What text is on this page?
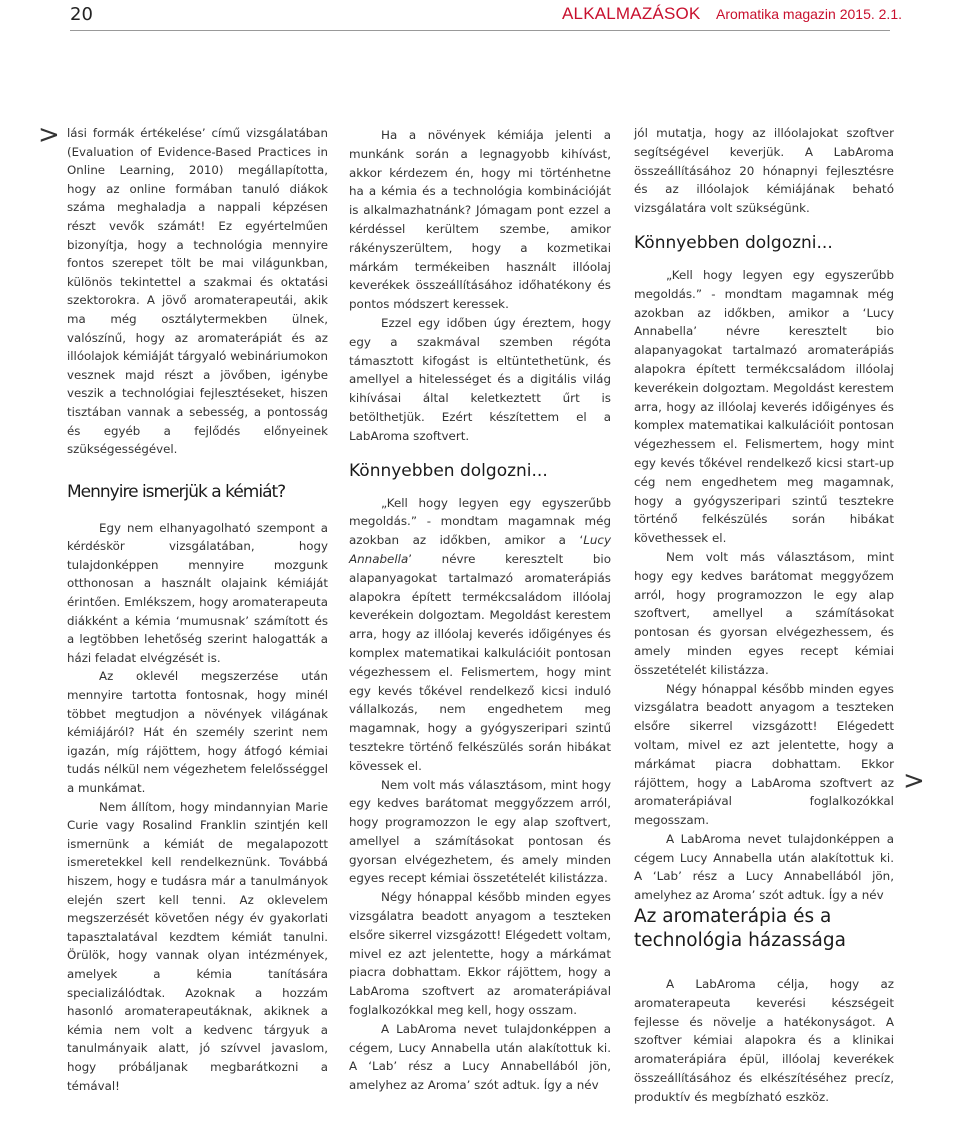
20	ALKALMAZÁSOK Aromatika magazin 2015. 2.1.
>
>

lási formák értékelése’ című vizsgálatában (Evaluation of Evidence-Based Practices in Online Learning, 2010) megállapította, hogy az online formában tanuló diákok száma meghaladja a nappali képzésen részt vevők számát! Ez egyértelműen bizonyítja, hogy a technológia mennyire fontos szerepet tölt be mai világunkban, különös tekintettel a szakmai és oktatási szektorokra. A jövő aromaterapeutái, akik ma még osztálytermekben ülnek, valószínű, hogy az aromaterápiát és az illóolajok kémiáját tárgyaló webináriumokon vesznek majd részt a jövőben, igénybe veszik a technológiai fejlesztéseket, hiszen tisztában vannak a sebesség, a pontosság és egyéb a fejlődés előnyeinek szükségességével.

Mennyire ismerjük a kémiát?

Egy nem elhanyagolható szempont a kérdéskör vizsgálatában, hogy tulajdonképpen mennyire mozgunk otthonosan a használt olajaink kémiáját érintően. Emlékszem, hogy aromaterapeuta diákként a kémia ‘mumusnak’ számított és a legtöbben lehetőség szerint halogatták a házi feladat elvégzését is.

Az oklevél megszerzése után mennyire tartotta fontosnak, hogy minél többet megtudjon a növények világának kémiájáról? Hát én személy szerint nem igazán, míg rájöttem, hogy átfogó kémiai tudás nélkül nem végezhetem felelősséggel a munkámat.

Nem állítom, hogy mindannyian Marie Curie vagy Rosalind Franklin szintjén kell ismernünk a kémiát de megalapozott ismeretekkel kell rendelkeznünk. Továbbá hiszem, hogy e tudásra már a tanulmányok elején szert kell tenni. Az oklevelem megszerzését követően négy év gyakorlati tapasztalatával kezdtem kémiát tanulni. Örülök, hogy vannak olyan intézmények, amelyek a kémia tanítására specializálódtak. Azoknak a hozzám hasonló aromaterapeutáknak, akiknek a kémia nem volt a kedvenc tárgyuk a tanulmányaik alatt, jó szívvel javaslom, hogy próbáljanak megbarátkozni a témával!

Ha a növények kémiája jelenti a munkánk során a legnagyobb kihívást, akkor kérdezem én, hogy mi történhetne ha a kémia és a technológia kombinációját is alkalmazhatnánk? Jómagam pont ezzel a kérdéssel kerültem szembe, amikor rákényszerültem, hogy a kozmetikai márkám termékeiben használt illóolaj keverékek összeállításához időhatékony és pontos módszert keressek.

Ezzel egy időben úgy éreztem, hogy egy a szakmával szemben régóta támasztott kifogást is eltüntethetünk, és amellyel a hitelességet és a digitális világ kihívásai által keletkeztett űrt is betölthetjük. Ezért készítettem el a LabAroma szoftvert.

Könnyebben dolgozni...

„Kell hogy legyen egy egyszerűbb megoldás.” - mondtam magamnak még azokban az időkben, amikor a ‘Lucy Annabella’ névre keresztelt bio alapanyagokat tartalmazó aromaterápiás alapokra épített termékcsaládom illóolaj keverékein dolgoztam. Megoldást kerestem arra, hogy az illóolaj keverés időigényes és komplex matematikai kalkulációit pontosan végezhessem el. Felismertem, hogy mint egy kevés tőkével rendelkező kicsi induló vállalkozás, nem engedhetem meg magamnak, hogy a gyógyszeripari szintű tesztekre történő felkészülés során hibákat kövessek el.

Nem volt más választásom, mint hogy egy kedves barátomat meggyőzzem arról, hogy programozzon le egy alap szoftvert, amellyel a számításokat pontosan és gyorsan elvégezhetem, és amely minden egyes recept kémiai összetételét kilistázza.

Négy hónappal később minden egyes vizsgálatra beadott anyagom a teszteken elsőre sikerrel vizsgázott! Elégedett voltam, mivel ez azt jelentette, hogy a márkámat piacra dobhattam. Ekkor rájöttem, hogy a LabAroma szoftvert az aromaterápiával foglalkozókkal meg kell, hogy osszam.

A LabAroma nevet tulajdonképpen a cégem, Lucy Annabella után alakítottuk ki. A ‘Lab’ rész a Lucy Annabellából jön, amelyhez az Aroma’ szót adtuk. Így a név

jól mutatja, hogy az illóolajokat szoftver segítségével keverjük. A LabAroma összeállításához 20 hónapnyi fejlesztésre és az illóolajok kémiájának beható vizsgálatára volt szükségünk.

Könnyebben dolgozni...

„Kell hogy legyen egy egyszerűbb megoldás.” - mondtam magamnak még azokban az időkben, amikor a ‘Lucy Annabella’ névre keresztelt bio alapanyagokat tartalmazó aromaterápiás alapokra épített termékcsaládom illóolaj keverékein dolgoztam. Megoldást kerestem arra, hogy az illóolaj keverés időigényes és komplex matematikai kalkulációit pontosan végezhessem el. Felismertem, hogy mint egy kevés tőkével rendelkező kicsi start-up cég nem engedhetem meg magamnak, hogy a gyógyszeripari szintű tesztekre történő felkészülés során hibákat követhessek el.

Nem volt más választásom, mint hogy egy kedves barátomat meggyőzem arról, hogy programozzon le egy alap szoftvert, amellyel a számításokat pontosan és gyorsan elvégezhessem, és amely minden egyes recept kémiai összetételét kilistázza.

Négy hónappal később minden egyes vizsgálatra beadott anyagom a teszteken elsőre sikerrel vizsgázott! Elégedett voltam, mivel ez azt jelentette, hogy a márkámat piacra dobhattam. Ekkor rájöttem, hogy a LabAroma szoftvert az aromaterápiával foglalkozókkal megosszam.

A LabAroma nevet tulajdonképpen a cégem Lucy Annabella után alakítottuk ki. A ‘Lab’ rész a Lucy Annabellából jön, amelyhez az Aroma’ szót adtuk. Így a név

Az aromaterápia és a technológia házassága

A LabAroma célja, hogy az aromaterapeuta keverési készségeit fejlesse és növelje a hatékonyságot. A szoftver kémiai alapokra és a klinikai aromaterápiára épül, illóolaj keverékek összeállításához és elkészítéséhez precíz, produktív és megbízható eszköz.
